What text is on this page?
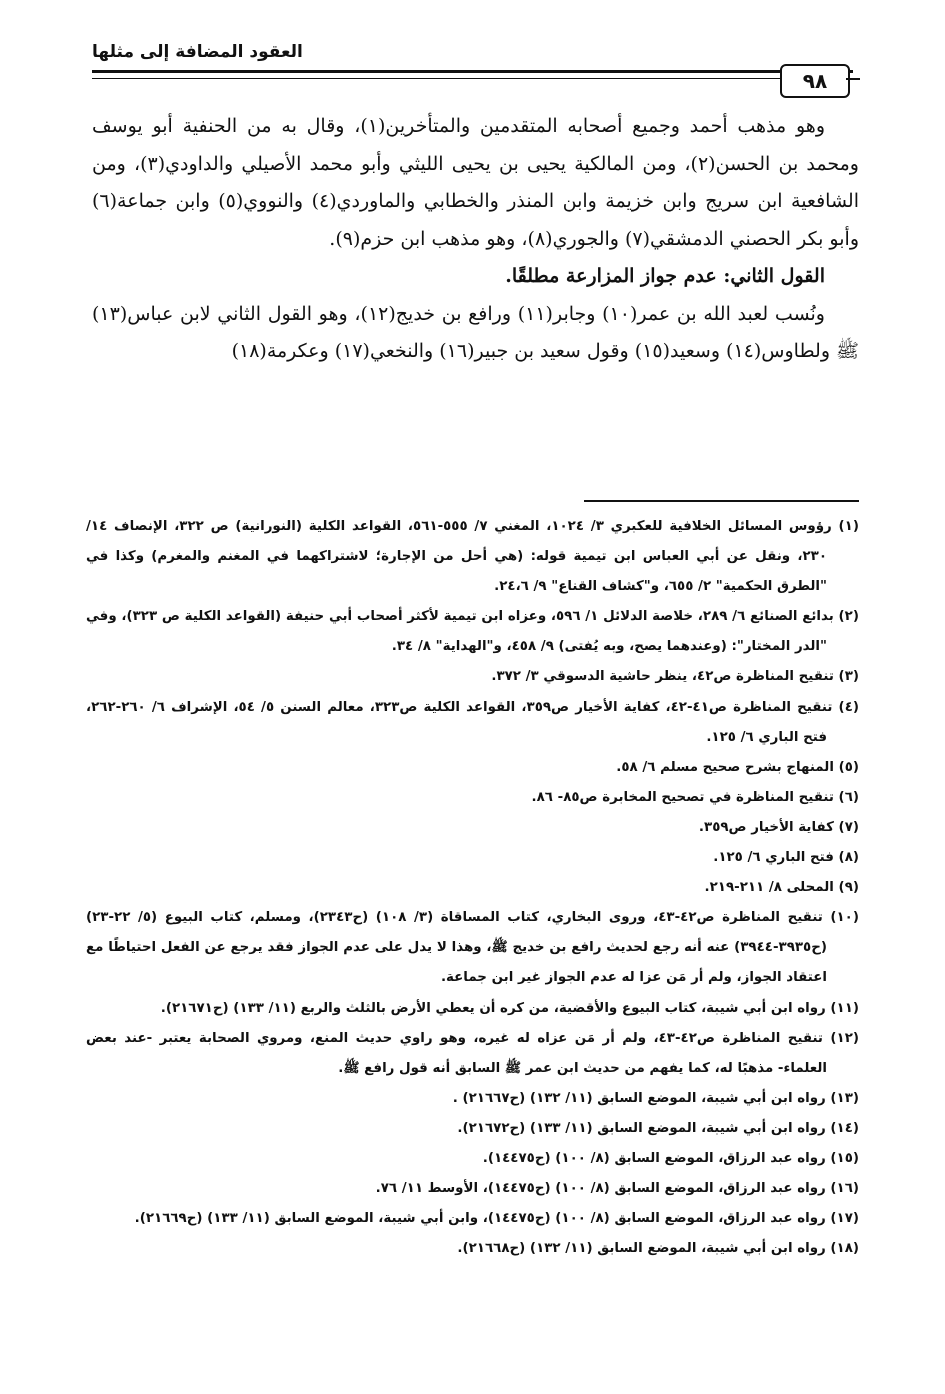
العقود المضافة إلى مثلها
٩٨

وهو مذهب أحمد وجميع أصحابه المتقدمين والمتأخرين(١)، وقال به من الحنفية أبو يوسف ومحمد بن الحسن(٢)، ومن المالكية يحيى بن يحيى الليثي وأبو محمد الأصيلي والداودي(٣)، ومن الشافعية ابن سريج وابن خزيمة وابن المنذر والخطابي والماوردي(٤) والنووي(٥) وابن جماعة(٦) وأبو بكر الحصني الدمشقي(٧) والجوري(٨)، وهو مذهب ابن حزم(٩).

القول الثاني: عدم جواز المزارعة مطلقًا.

ونُسب لعبد الله بن عمر(١٠) وجابر(١١) ورافع بن خديج(١٢)، وهو القول الثاني لابن عباس(١٣) ﷺ ولطاوس(١٤) وسعيد(١٥) وقول سعيد بن جبير(١٦) والنخعي(١٧) وعكرمة(١٨)

(١) رؤوس المسائل الخلافية للعكبري ٣/ ١٠٢٤، المغني ٧/ ٥٥٥-٥٦١، القواعد الكلية (النورانية) ص ٣٢٢، الإنصاف ١٤/ ٢٣٠، ونقل عن أبي العباس ابن تيمية قوله: (هي أحل من الإجارة؛ لاشتراكهما في المغنم والمغرم) وكذا في "الطرق الحكمية" ٢/ ٦٥٥، و"كشاف القناع" ٩/ ٢٤،٦.

(٢) بدائع الصنائع ٦/ ٢٨٩، خلاصة الدلائل ١/ ٥٩٦، وعزاه ابن تيمية لأكثر أصحاب أبي حنيفة (القواعد الكلية ص ٣٢٣)، وفي "الدر المختار": (وعندهما يصح، وبه يُفتى) ٩/ ٤٥٨، و"الهداية" ٨/ ٣٤.

(٣) تنقيح المناظرة ص٤٢، ينظر حاشية الدسوقي ٣/ ٣٧٢.

(٤) تنقيح المناظرة ص٤١-٤٢، كفاية الأخيار ص٣٥٩، القواعد الكلية ص٣٢٣، معالم السنن ٥/ ٥٤، الإشراف ٦/ ٢٦٠-٢٦٢، فتح الباري ٦/ ١٢٥.

(٥) المنهاج بشرح صحيح مسلم ٦/ ٥٨.

(٦) تنقيح المناظرة في تصحيح المخابرة ص٨٥- ٨٦.

(٧) كفاية الأخيار ص٣٥٩.

(٨) فتح الباري ٦/ ١٢٥.

(٩) المحلى ٨/ ٢١١-٢١٩.

(١٠) تنقيح المناظرة ص٤٢-٤٣، وروى البخاري، كتاب المساقاة (٣/ ١٠٨) (ح٢٣٤٣)، ومسلم، كتاب البيوع (٥/ ٢٢-٢٣) (ح٣٩٣٥-٣٩٤٤) عنه أنه رجع لحديث رافع بن خديج ﷺ، وهذا لا يدل على عدم الجواز فقد يرجع عن الفعل احتياطًا مع اعتقاد الجواز، ولم أر مَن عزا له عدم الجواز غير ابن جماعة.

(١١) رواه ابن أبي شيبة، كتاب البيوع والأقضية، من كره أن يعطي الأرض بالثلث والربع (١١/ ١٣٣) (ح٢١٦٧١).

(١٢) تنقيح المناظرة ص٤٢-٤٣، ولم أر مَن عزاه له غيره، وهو راوي حديث المنع، ومروي الصحابة يعتبر -عند بعض العلماء- مذهبًا له، كما يفهم من حديث ابن عمر ﷺ السابق أنه قول رافع ﷺ.

(١٣) رواه ابن أبي شيبة، الموضع السابق (١١/ ١٣٢) (ح٢١٦٦٧) .

(١٤) رواه ابن أبي شيبة، الموضع السابق (١١/ ١٣٣) (ح٢١٦٧٢).

(١٥) رواه عبد الرزاق، الموضع السابق (٨/ ١٠٠) (ح١٤٤٧٥).

(١٦) رواه عبد الرزاق، الموضع السابق (٨/ ١٠٠) (ح١٤٤٧٥)، الأوسط ١١/ ٧٦.

(١٧) رواه عبد الرزاق، الموضع السابق (٨/ ١٠٠) (ح١٤٤٧٥)، وابن أبي شيبة، الموضع السابق (١١/ ١٣٣) (ح٢١٦٦٩).

(١٨) رواه ابن أبي شيبة، الموضع السابق (١١/ ١٣٢) (ح٢١٦٦٨).
